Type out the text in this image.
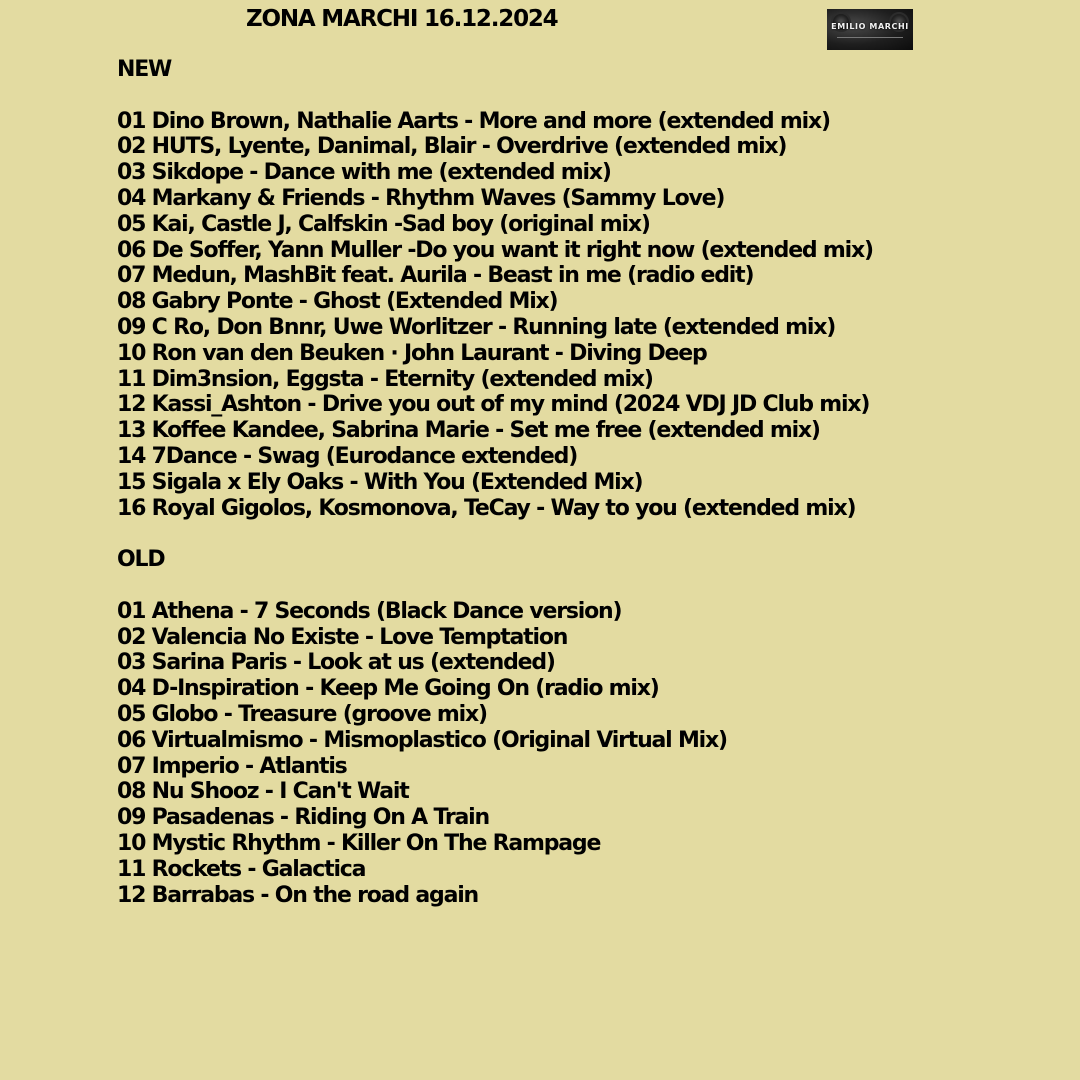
ZONA MARCHI 16.12.2024	EMILIO MARCHI
NEW
01 Dino Brown, Nathalie Aarts - More and more (extended mix)
02 HUTS, Lyente, Danimal, Blair - Overdrive (extended mix)
03 Sikdope - Dance with me (extended mix)
04 Markany & Friends - Rhythm Waves (Sammy Love)
05 Kai, Castle J, Calfskin -Sad boy (original mix)
06 De Soffer, Yann Muller -Do you want it right now (extended mix)
07 Medun, MashBit feat. Aurila - Beast in me (radio edit)
08 Gabry Ponte - Ghost (Extended Mix)
09 C Ro, Don Bnnr, Uwe Worlitzer - Running late (extended mix)
10 Ron van den Beuken · John Laurant - Diving Deep
11 Dim3nsion, Eggsta - Eternity (extended mix)
12 Kassi_Ashton - Drive you out of my mind (2024 VDJ JD Club mix)
13 Koffee Kandee, Sabrina Marie - Set me free (extended mix)
14 7Dance - Swag (Eurodance extended)
15 Sigala x Ely Oaks - With You (Extended Mix)
16 Royal Gigolos, Kosmonova, TeCay - Way to you (extended mix)
OLD
01 Athena - 7 Seconds (Black Dance version)
02 Valencia No Existe - Love Temptation
03 Sarina Paris - Look at us (extended)
04 D-Inspiration - Keep Me Going On (radio mix)
05 Globo - Treasure (groove mix)
06 Virtualmismo - Mismoplastico (Original Virtual Mix)
07 Imperio - Atlantis
08 Nu Shooz - I Can't Wait
09 Pasadenas - Riding On A Train
10 Mystic Rhythm - Killer On The Rampage
11 Rockets - Galactica
12 Barrabas - On the road again
